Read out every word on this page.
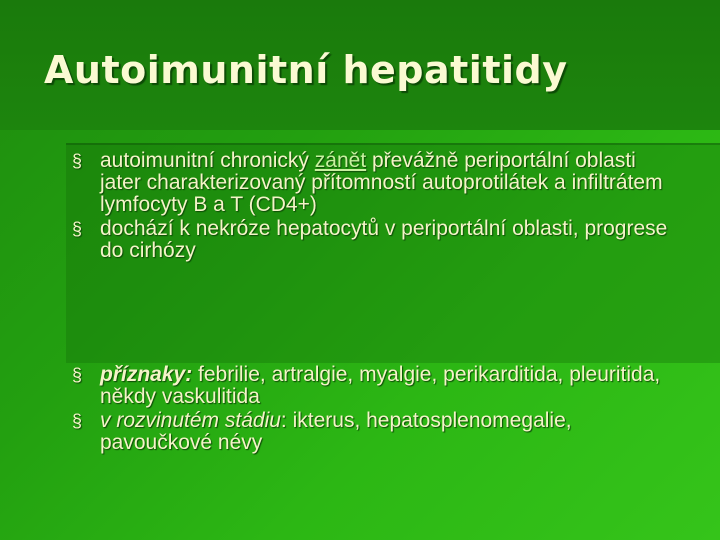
Autoimunitní hepatitidy
§ autoimunitní chronický zánět převážně periportální oblasti jater charakterizovaný přítomností autoprotilátek a infiltrátem lymfocyty B a T (CD4+)
§ dochází k nekróze hepatocytů v periportální oblasti, progrese do cirhózy
§ příznaky: febrilie, artralgie, myalgie, perikarditida, pleuritida, někdy vaskulitida
§ v rozvinutém stádiu: ikterus, hepatosplenomegalie, pavoučkové névy
